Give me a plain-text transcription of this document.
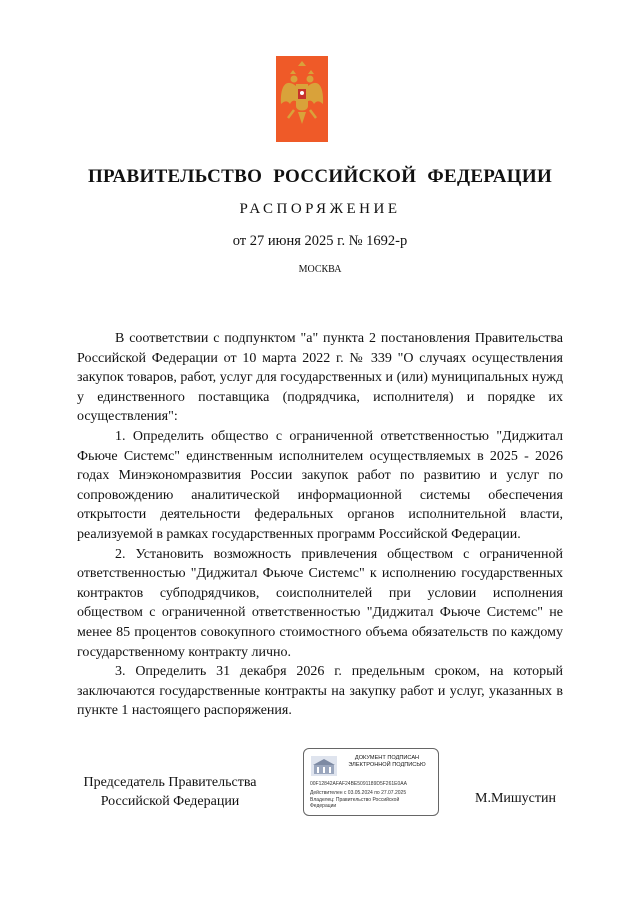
ПРАВИТЕЛЬСТВО РОССИЙСКОЙ ФЕДЕРАЦИИ
РАСПОРЯЖЕНИЕ
от 27 июня 2025 г. № 1692-р
МОСКВА

В соответствии с подпунктом "а" пункта 2 постановления Правительства Российской Федерации от 10 марта 2022 г. № 339 "О случаях осуществления закупок товаров, работ, услуг для государственных и (или) муниципальных нужд у единственного поставщика (подрядчика, исполнителя) и порядке их осуществления":

1. Определить общество с ограниченной ответственностью "Диджитал Фьюче Системс" единственным исполнителем осуществляемых в 2025 - 2026 годах Минэкономразвития России закупок работ по развитию и услуг по сопровождению аналитической информационной системы обеспечения открытости деятельности федеральных органов исполнительной власти, реализуемой в рамках государственных программ Российской Федерации.

2. Установить возможность привлечения обществом с ограниченной ответственностью "Диджитал Фьюче Системс" к исполнению государственных контрактов субподрядчиков, соисполнителей при условии исполнения обществом с ограниченной ответственностью "Диджитал Фьюче Системс" не менее 85 процентов совокупного стоимостного объема обязательств по каждому государственному контракту лично.

3. Определить 31 декабря 2026 г. предельным сроком, на который заключаются государственные контракты на закупку работ и услуг, указанных в пункте 1 настоящего распоряжения.

Председатель Правительства
Российской Федерации
ДОКУМЕНТ ПОДПИСАН
ЭЛЕКТРОННОЙ ПОДПИСЬЮ
00F12842AFAF24BE5091189D5F261E0AA
Действителен с 03.05.2024 по 27.07.2025
Владелец: Правительство Российской
Федерации	М.Мишустин
